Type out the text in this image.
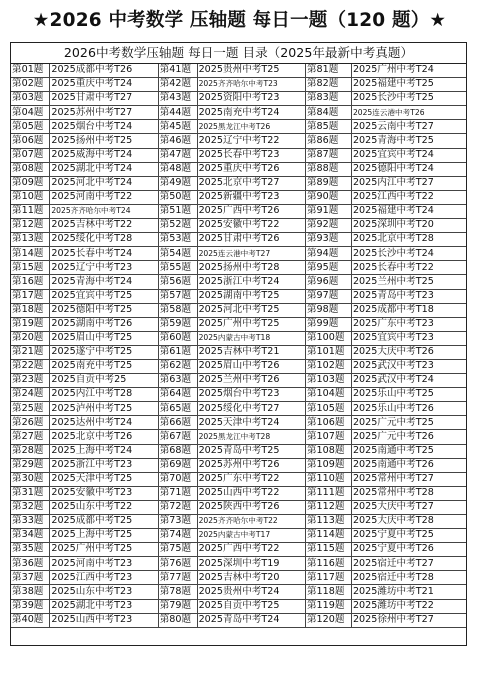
★2026 中考数学 压轴题 每日一题（120 题）★
2026中考数学压轴题 每日一题 目录（2025年最新中考真题）
第01题	2025成都中考T26	第41题	2025贵州中考T25	第81题	2025广州中考T24
第02题	2025重庆中考T24	第42题	2025齐齐哈尔中考T23	第82题	2025福建中考T25
第03题	2025甘肃中考T27	第43题	2025资阳中考T23	第83题	2025长沙中考T25
第04题	2025苏州中考T27	第44题	2025南充中考T24	第84题	2025连云港中考T26
第05题	2025烟台中考T24	第45题	2025黑龙江中考T26	第85题	2025云南中考T27
第06题	2025扬州中考T25	第46题	2025辽宁中考T22	第86题	2025青海中考T25
第07题	2025威海中考T24	第47题	2025长春中考T23	第87题	2025宜宾中考T24
第08题	2025湖北中考T24	第48题	2025重庆中考T26	第88题	2025德阳中考T24
第09题	2025河北中考T24	第49题	2025北京中考T27	第89题	2025内江中考T27
第10题	2025河南中考T22	第50题	2025新疆中考T23	第90题	2025江西中考T22
第11题	2025齐齐哈尔中考T24	第51题	2025广西中考T26	第91题	2025福建中考T24
第12题	2025吉林中考T22	第52题	2025安徽中考T22	第92题	2025深圳中考T20
第13题	2025绥化中考T28	第53题	2025甘肃中考T26	第93题	2025北京中考T28
第14题	2025长春中考T24	第54题	2025连云港中考T27	第94题	2025长沙中考T24
第15题	2025辽宁中考T23	第55题	2025扬州中考T28	第95题	2025长春中考T22
第16题	2025青海中考T24	第56题	2025浙江中考T24	第96题	2025兰州中考T25
第17题	2025宜宾中考T25	第57题	2025湖南中考T25	第97题	2025青岛中考T23
第18题	2025德阳中考T25	第58题	2025河北中考T25	第98题	2025成都中考T18
第19题	2025湖南中考T26	第59题	2025广州中考T25	第99题	2025广东中考T23
第20题	2025眉山中考T25	第60题	2025内蒙古中考T18	第100题	2025宜宾中考T23
第21题	2025遂宁中考T25	第61题	2025吉林中考T21	第101题	2025大庆中考T26
第22题	2025南充中考T25	第62题	2025眉山中考T26	第102题	2025武汉中考T23
第23题	2025自贡中考25	第63题	2025兰州中考T26	第103题	2025武汉中考T24
第24题	2025内江中考T28	第64题	2025烟台中考T23	第104题	2025乐山中考T25
第25题	2025泸州中考T25	第65题	2025绥化中考T27	第105题	2025乐山中考T26
第26题	2025达州中考T24	第66题	2025天津中考T24	第106题	2025广元中考T25
第27题	2025北京中考T26	第67题	2025黑龙江中考T28	第107题	2025广元中考T26
第28题	2025上海中考T24	第68题	2025青岛中考T25	第108题	2025南通中考T25
第29题	2025浙江中考T23	第69题	2025苏州中考T26	第109题	2025南通中考T26
第30题	2025天津中考T25	第70题	2025广东中考T22	第110题	2025常州中考T27
第31题	2025安徽中考T23	第71题	2025山西中考T22	第111题	2025常州中考T28
第32题	2025山东中考T22	第72题	2025陕西中考T26	第112题	2025大庆中考T27
第33题	2025成都中考T25	第73题	2025齐齐哈尔中考T22	第113题	2025大庆中考T28
第34题	2025上海中考T25	第74题	2025内蒙古中考T17	第114题	2025宁夏中考T25
第35题	2025广州中考T25	第75题	2025广西中考T22	第115题	2025宁夏中考T26
第36题	2025河南中考T23	第76题	2025深圳中考T19	第116题	2025宿迁中考T27
第37题	2025江西中考T23	第77题	2025吉林中考T20	第117题	2025宿迁中考T28
第38题	2025山东中考T23	第78题	2025贵州中考T24	第118题	2025潍坊中考T21
第39题	2025湖北中考T23	第79题	2025自贡中考T25	第119题	2025潍坊中考T22
第40题	2025山西中考T23	第80题	2025青岛中考T24	第120题	2025徐州中考T27
